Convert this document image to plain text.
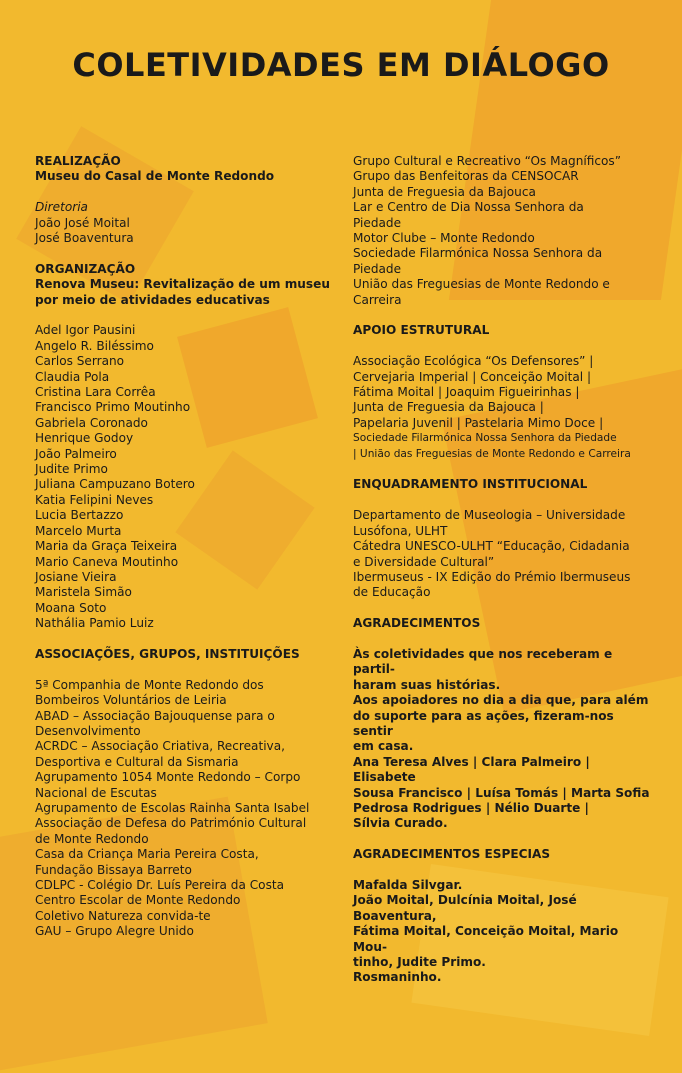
COLETIVIDADES EM DIÁLOGO

REALIZAÇÃO

Museu do Casal de Monte Redondo

Diretoria

João José Moital

José Boaventura

ORGANIZAÇÃO

Renova Museu: Revitalização de um museu

por meio de atividades educativas

Adel Igor Pausini

Angelo R. Biléssimo

Carlos Serrano

Claudia Pola

Cristina Lara Corrêa

Francisco Primo Moutinho

Gabriela Coronado

Henrique Godoy

João Palmeiro

Judite Primo

Juliana Campuzano Botero

Katia Felipini Neves

Lucia Bertazzo

Marcelo Murta

Maria da Graça Teixeira

Mario Caneva Moutinho

Josiane Vieira

Maristela Simão

Moana Soto

Nathália Pamio Luiz

ASSOCIAÇÕES, GRUPOS, INSTITUIÇÕES

5ª Companhia de Monte Redondo dos

Bombeiros Voluntários de Leiria

ABAD – Associação Bajouquense para o

Desenvolvimento

ACRDC – Associação Criativa, Recreativa,

Desportiva e Cultural da Sismaria

Agrupamento 1054 Monte Redondo – Corpo

Nacional de Escutas

Agrupamento de Escolas Rainha Santa Isabel

Associação de Defesa do Património Cultural

de Monte Redondo

Casa da Criança Maria Pereira Costa,

Fundação Bissaya Barreto

CDLPC - Colégio Dr. Luís Pereira da Costa

Centro Escolar de Monte Redondo

Coletivo Natureza convida-te

GAU – Grupo Alegre Unido

Grupo Cultural e Recreativo “Os Magníficos”

Grupo das Benfeitoras da CENSOCAR

Junta de Freguesia da Bajouca

Lar e Centro de Dia Nossa Senhora da

Piedade

Motor Clube – Monte Redondo

Sociedade Filarmónica Nossa Senhora da

Piedade

União das Freguesias de Monte Redondo e

Carreira

APOIO ESTRUTURAL

Associação Ecológica “Os Defensores” |

Cervejaria Imperial | Conceição Moital |

Fátima Moital | Joaquim Figueirinhas |

Junta de Freguesia da Bajouca |

Papelaria Juvenil | Pastelaria Mimo Doce |

Sociedade Filarmónica Nossa Senhora da Piedade

| União das Freguesias de Monte Redondo e Carreira

ENQUADRAMENTO INSTITUCIONAL

Departamento de Museologia – Universidade

Lusófona, ULHT

Cátedra UNESCO-ULHT “Educação, Cidadania

e Diversidade Cultural”

Ibermuseus - IX Edição do Prémio Ibermuseus

de Educação

AGRADECIMENTOS

Às coletividades que nos receberam e partil-

haram suas histórias.

Aos apoiadores no dia a dia que, para além

do suporte para as ações, fizeram-nos sentir

em casa.

Ana Teresa Alves | Clara Palmeiro | Elisabete

Sousa Francisco | Luísa Tomás | Marta Sofia

Pedrosa Rodrigues | Nélio Duarte |

Sílvia Curado.

AGRADECIMENTOS ESPECIAS

Mafalda Silvgar.

João Moital, Dulcínia Moital, José Boaventura,

Fátima Moital, Conceição Moital, Mario Mou-

tinho, Judite Primo.

Rosmaninho.
